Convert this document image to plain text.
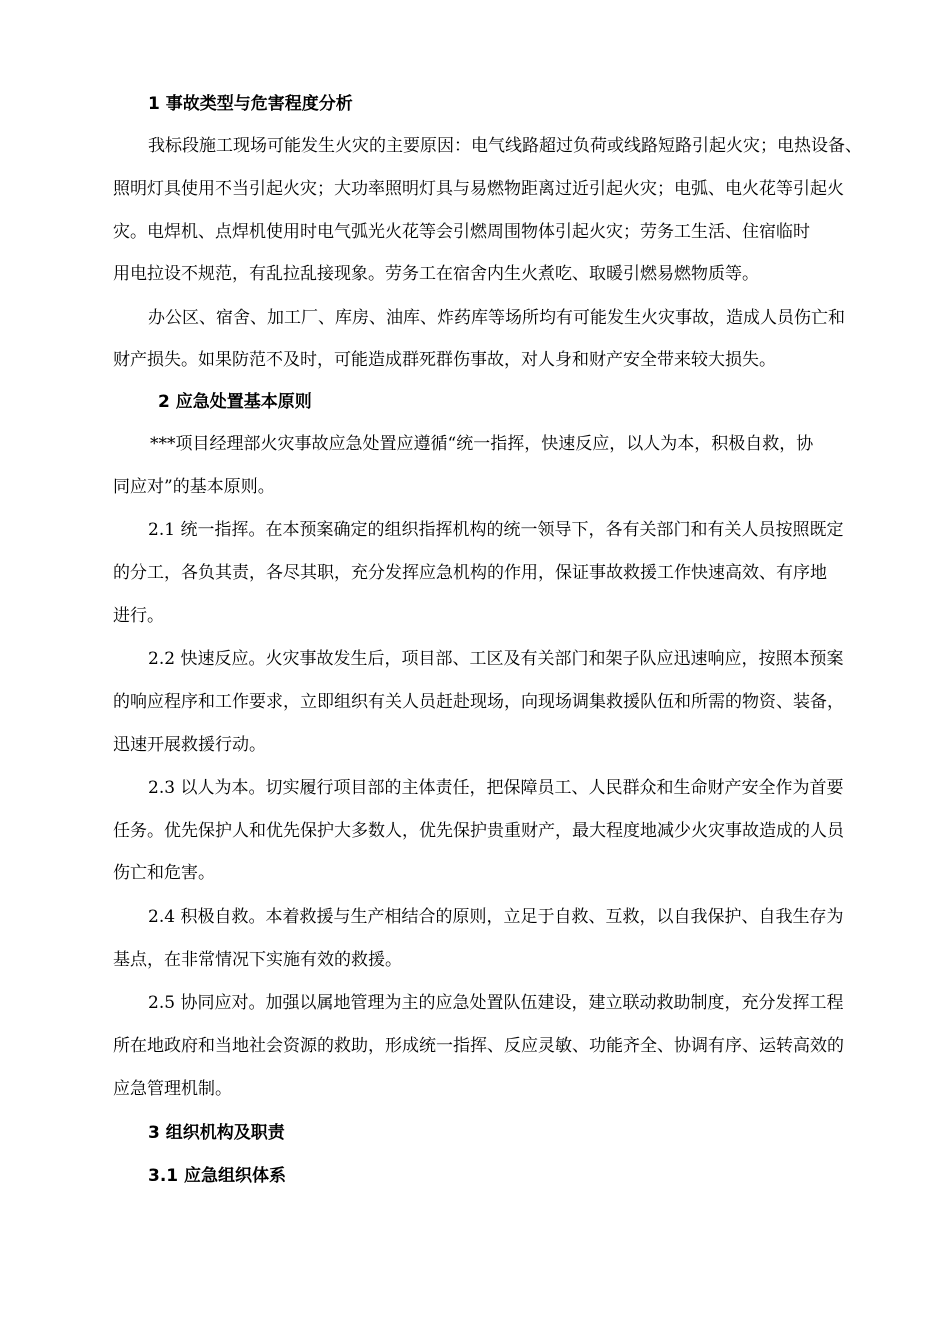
1 事故类型与危害程度分析
我标段施工现场可能发生火灾的主要原因：电气线路超过负荷或线路短路引起火灾；电热设备、
照明灯具使用不当引起火灾；大功率照明灯具与易燃物距离过近引起火灾；电弧、电火花等引起火
灾。电焊机、点焊机使用时电气弧光火花等会引燃周围物体引起火灾；劳务工生活、住宿临时
用电拉设不规范，有乱拉乱接现象。劳务工在宿舍内生火煮吃、取暖引燃易燃物质等。
办公区、宿舍、加工厂、库房、油库、炸药库等场所均有可能发生火灾事故，造成人员伤亡和
财产损失。如果防范不及时，可能造成群死群伤事故，对人身和财产安全带来较大损失。
2 应急处置基本原则
***项目经理部火灾事故应急处置应遵循“统一指挥，快速反应，以人为本，积极自救，协
同应对”的基本原则。
2.1 统一指挥。在本预案确定的组织指挥机构的统一领导下，各有关部门和有关人员按照既定
的分工，各负其责，各尽其职，充分发挥应急机构的作用，保证事故救援工作快速高效、有序地
进行。
2.2 快速反应。火灾事故发生后，项目部、工区及有关部门和架子队应迅速响应，按照本预案
的响应程序和工作要求，立即组织有关人员赶赴现场，向现场调集救援队伍和所需的物资、装备，
迅速开展救援行动。
2.3 以人为本。切实履行项目部的主体责任，把保障员工、人民群众和生命财产安全作为首要
任务。优先保护人和优先保护大多数人，优先保护贵重财产，最大程度地减少火灾事故造成的人员
伤亡和危害。
2.4 积极自救。本着救援与生产相结合的原则，立足于自救、互救，以自我保护、自我生存为
基点，在非常情况下实施有效的救援。
2.5 协同应对。加强以属地管理为主的应急处置队伍建设，建立联动救助制度，充分发挥工程
所在地政府和当地社会资源的救助，形成统一指挥、反应灵敏、功能齐全、协调有序、运转高效的
应急管理机制。
3 组织机构及职责
3.1 应急组织体系
